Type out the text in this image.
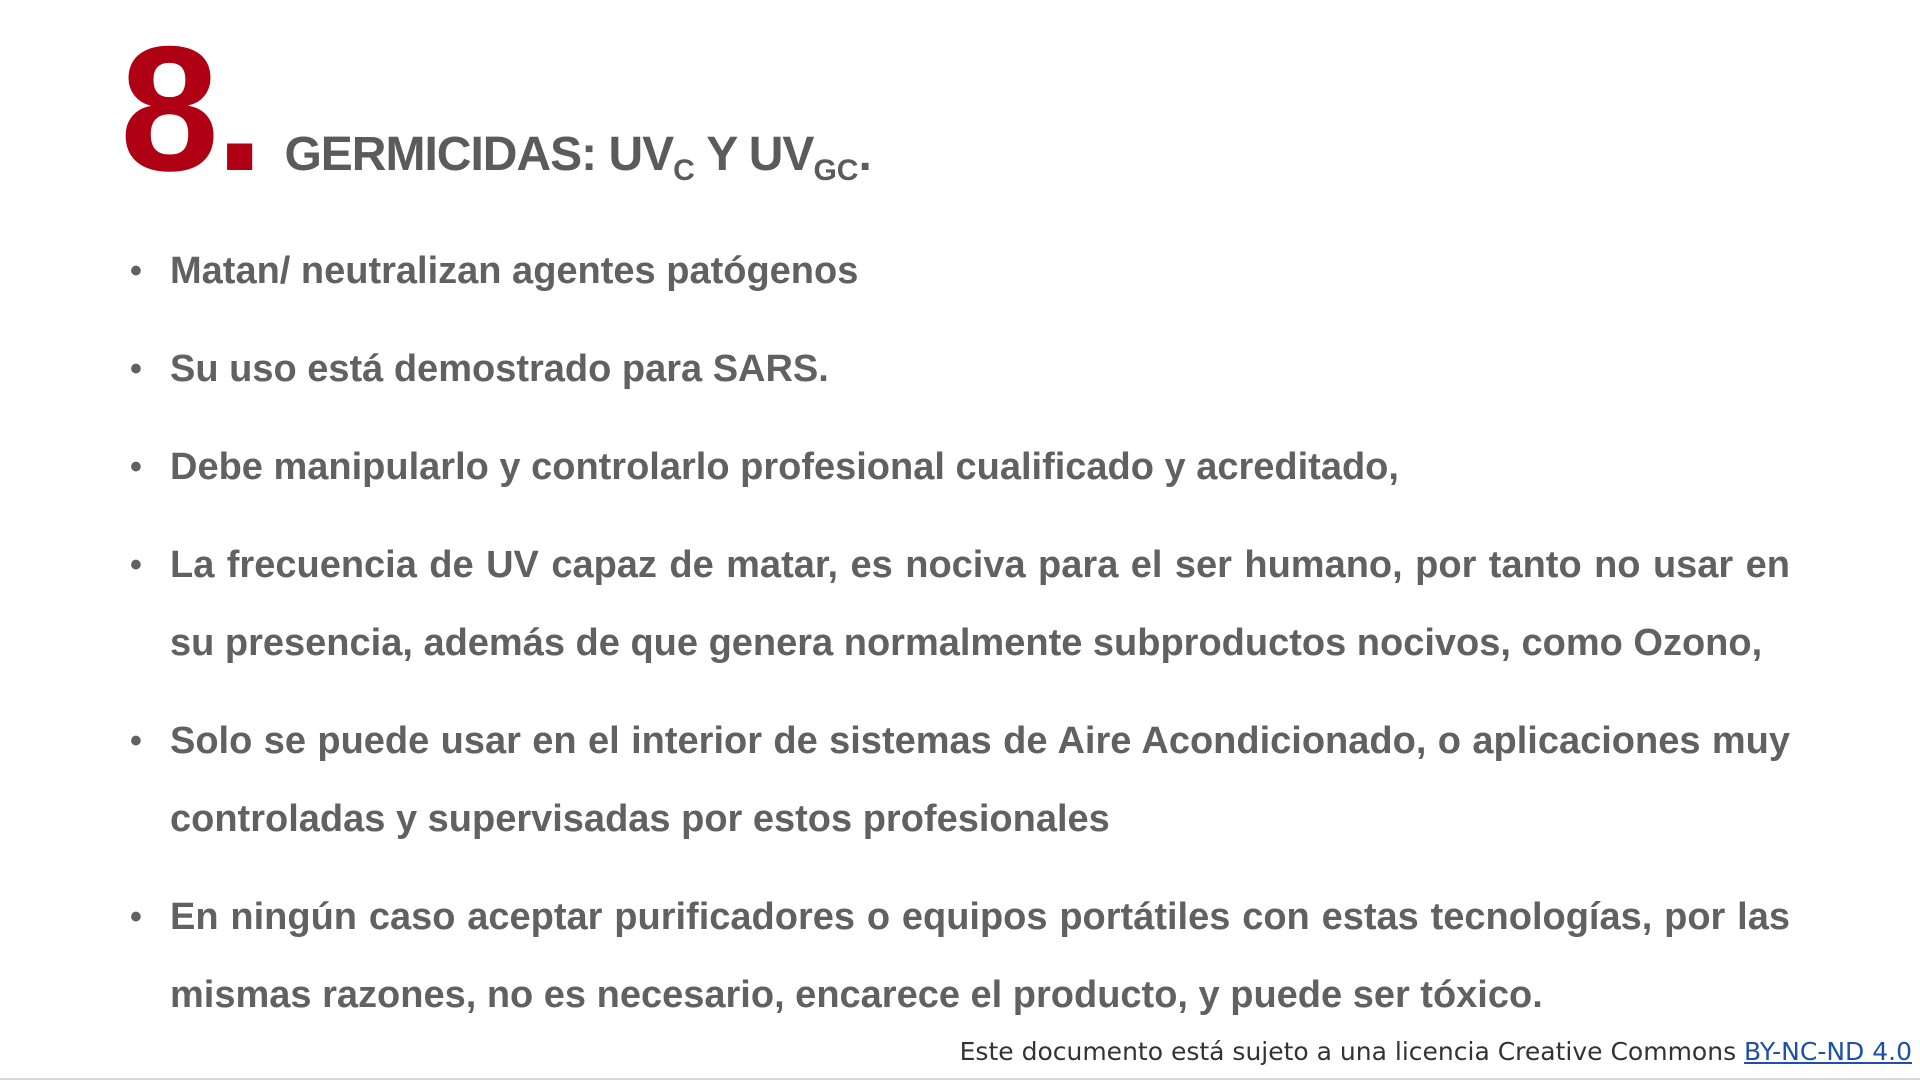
8. GERMICIDAS: $UV_C$ Y $UV_{GC}$.
• Matan/ neutralizan agentes patógenos
• Su uso está demostrado para SARS.
• Debe manipularlo y controlarlo profesional cualificado y acreditado,
• La frecuencia de UV capaz de matar, es nociva para el ser humano, por tanto no usar en su presencia, además de que genera normalmente subproductos nocivos, como Ozono,
• Solo se puede usar en el interior de sistemas de Aire Acondicionado, o aplicaciones muy controladas y supervisadas por estos profesionales
• En ningún caso aceptar purificadores o equipos portátiles con estas tecnologías, por las mismas razones, no es necesario, encarece el producto, y puede ser tóxico.
Este documento está sujeto a una licencia Creative Commons BY-NC-ND 4.0
